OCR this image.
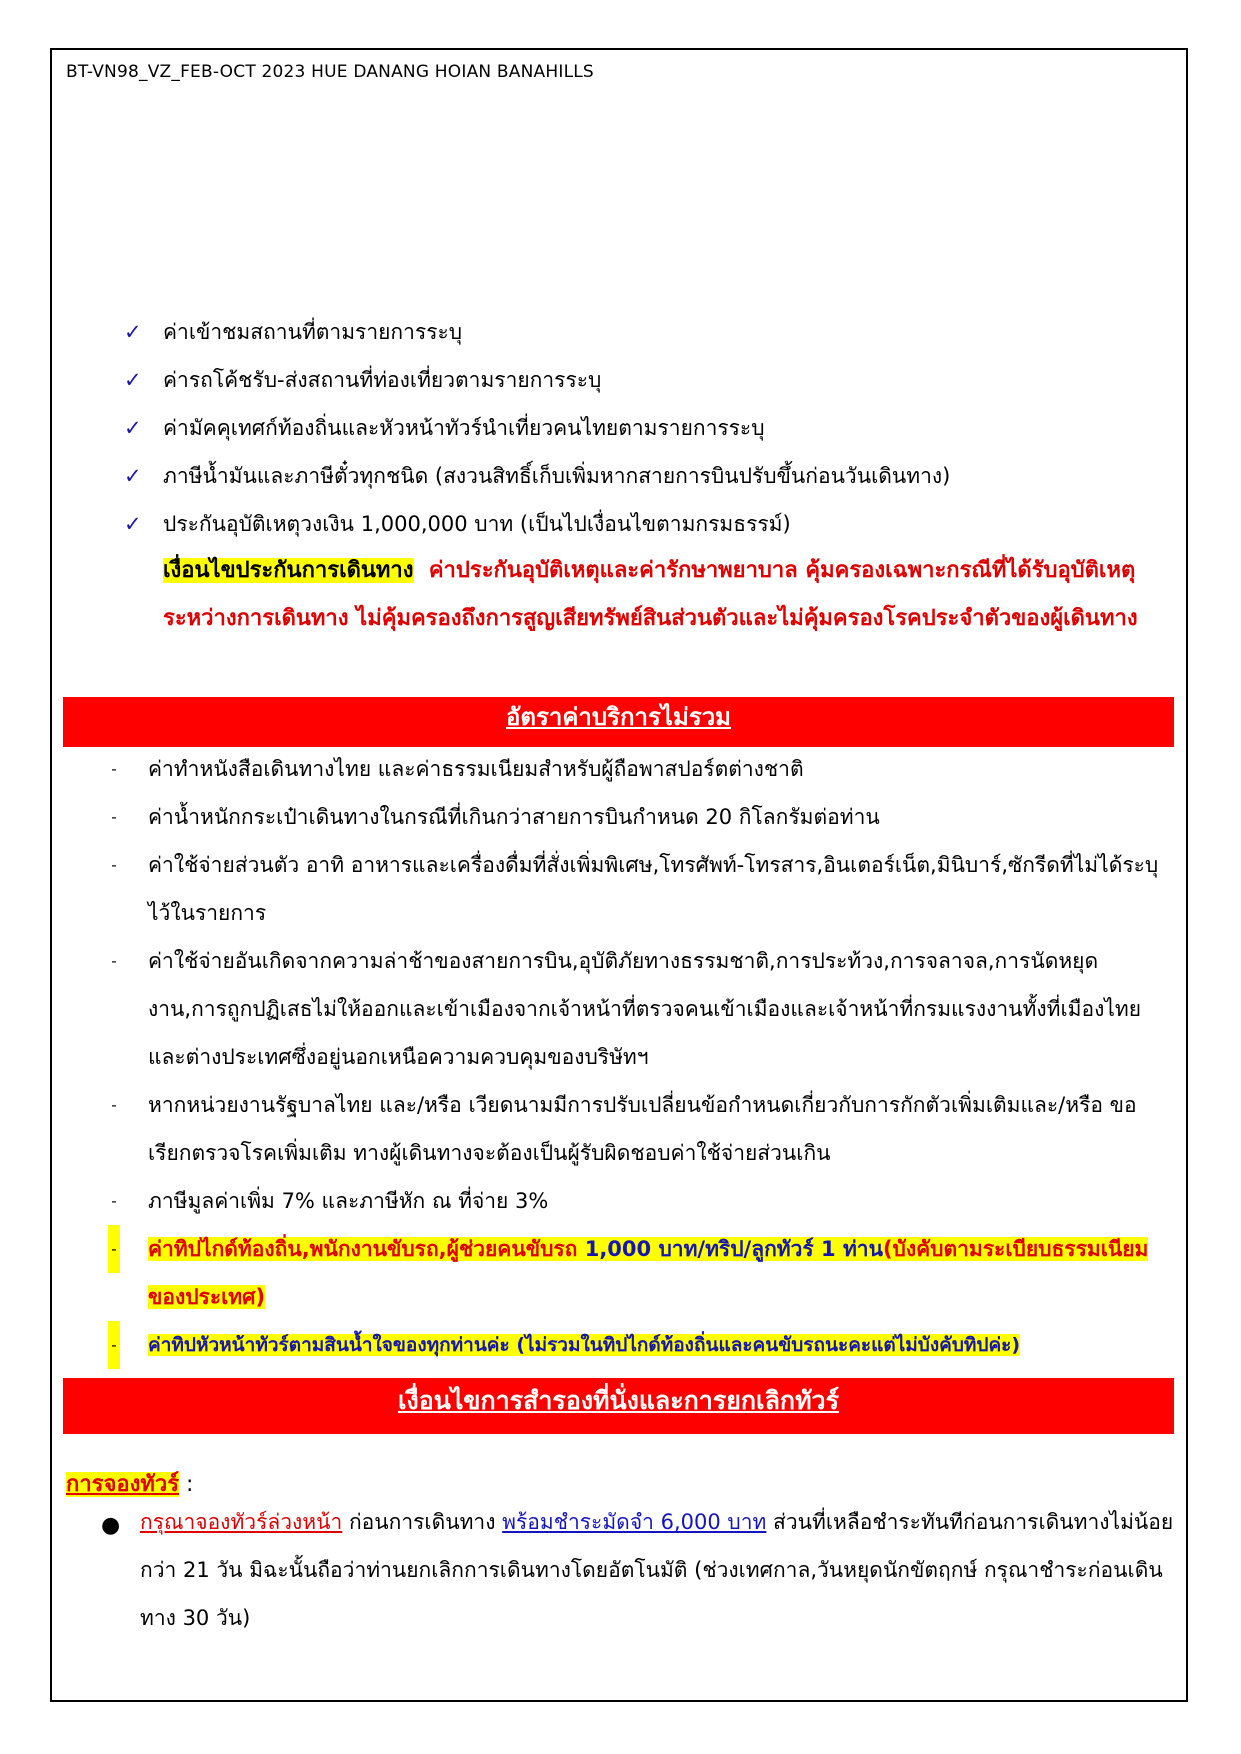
BT-VN98_VZ_FEB-OCT 2023 HUE DANANG HOIAN BANAHILLS
✓ ค่าเข้าชมสถานที่ตามรายการระบุ
✓ ค่ารถโค้ชรับ-ส่งสถานที่ท่องเที่ยวตามรายการระบุ
✓ ค่ามัคคุเทศก์ท้องถิ่นและหัวหน้าทัวร์นำเที่ยวคนไทยตามรายการระบุ
✓ ภาษีน้ำมันและภาษีตั๋วทุกชนิด (สงวนสิทธิ์เก็บเพิ่มหากสายการบินปรับขึ้นก่อนวันเดินทาง)
✓ ประกันอุบัติเหตุวงเงิน 1,000,000 บาท (เป็นไปเงื่อนไขตามกรมธรรม์)
เงื่อนไขประกันการเดินทาง ค่าประกันอุบัติเหตุและค่ารักษาพยาบาล คุ้มครองเฉพาะกรณีที่ได้รับอุบัติเหตุระหว่างการเดินทาง ไม่คุ้มครองถึงการสูญเสียทรัพย์สินส่วนตัวและไม่คุ้มครองโรคประจำตัวของผู้เดินทาง
อัตราค่าบริการไม่รวม
- ค่าทำหนังสือเดินทางไทย และค่าธรรมเนียมสำหรับผู้ถือพาสปอร์ตต่างชาติ
- ค่าน้ำหนักกระเป๋าเดินทางในกรณีที่เกินกว่าสายการบินกำหนด 20 กิโลกรัมต่อท่าน
- ค่าใช้จ่ายส่วนตัว อาทิ อาหารและเครื่องดื่มที่สั่งเพิ่มพิเศษ,โทรศัพท์-โทรสาร,อินเตอร์เน็ต,มินิบาร์,ซักรีดที่ไม่ได้ระบุไว้ในรายการ
- ค่าใช้จ่ายอันเกิดจากความล่าช้าของสายการบิน,อุบัติภัยทางธรรมชาติ,การประท้วง,การจลาจล,การนัดหยุดงาน,การถูกปฏิเสธไม่ให้ออกและเข้าเมืองจากเจ้าหน้าที่ตรวจคนเข้าเมืองและเจ้าหน้าที่กรมแรงงานทั้งที่เมืองไทยและต่างประเทศซึ่งอยู่นอกเหนือความควบคุมของบริษัทฯ
- หากหน่วยงานรัฐบาลไทย และ/หรือ เวียดนามมีการปรับเปลี่ยนข้อกำหนดเกี่ยวกับการกักตัวเพิ่มเติมและ/หรือ ขอเรียกตรวจโรคเพิ่มเติม ทางผู้เดินทางจะต้องเป็นผู้รับผิดชอบค่าใช้จ่ายส่วนเกิน
- ภาษีมูลค่าเพิ่ม 7% และภาษีหัก ณ ที่จ่าย 3%
- ค่าทิปไกด์ท้องถิ่น,พนักงานขับรถ,ผู้ช่วยคนขับรถ 1,000 บาท/ทริป/ลูกทัวร์ 1 ท่าน(บังคับตามระเบียบธรรมเนียมของประเทศ)
- ค่าทิปหัวหน้าทัวร์ตามสินน้ำใจของทุกท่านค่ะ (ไม่รวมในทิปไกด์ท้องถิ่นและคนขับรถนะคะแต่ไม่บังคับทิปค่ะ)
เงื่อนไขการสำรองที่นั่งและการยกเลิกทัวร์
การจองทัวร์ :
● กรุณาจองทัวร์ล่วงหน้า ก่อนการเดินทาง พร้อมชำระมัดจำ 6,000 บาท ส่วนที่เหลือชำระทันทีก่อนการเดินทางไม่น้อยกว่า 21 วัน มิฉะนั้นถือว่าท่านยกเลิกการเดินทางโดยอัตโนมัติ (ช่วงเทศกาล,วันหยุดนักขัตฤกษ์ กรุณาชำระก่อนเดินทาง 30 วัน)
